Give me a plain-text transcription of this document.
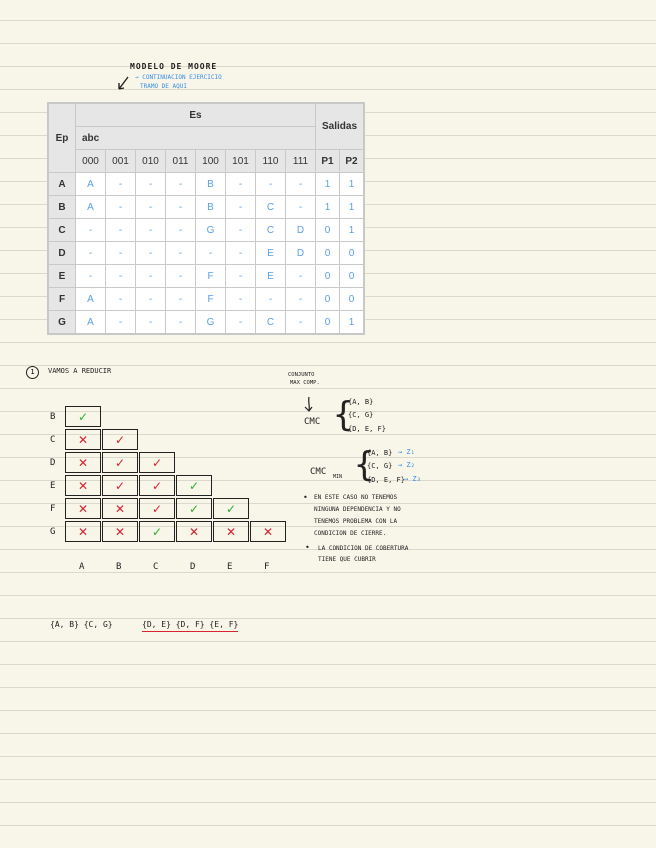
MODELO DE MOORE
→ CONTINUACION EJERCICIO
TRAMO DE AQUI
Ep	Es								Salidas	
	abc									
	000	001	010	011	100	101	110	111	P1	P2
A	A	-	-	-	B	-	-	-	1	1
B	A	-	-	-	B	-	C	-	1	1
C	-	-	-	-	G	-	C	D	0	1
D	-	-	-	-	-	-	E	D	0	0
E	-	-	-	-	F	-	E	-	0	0
F	A	-	-	-	F	-	-	-	0	0
G	A	-	-	-	G	-	C	-	0	1
1	VAMOS A REDUCIR
B	✓
C	✕	✓
D	✕	✓	✓
E	✕	✓	✓	✓
F	✕	✕	✓	✓	✓
G	✕	✕	✓	✕	✕	✕
A	B	C	D	E	F
CONJUNTO
MAX COMP.
CMC {
{A, B}
{C, G}
{D, E, F}
CMC MIN {
{A, B} → Z₁
{C, G} → Z₂
{D, E, F} → Z₃
• EN ESTE CASO NO TENEMOS
NINGUNA DEPENDENCIA Y NO
TENEMOS PROBLEMA CON LA
CONDICION DE CIERRE.
• LA CONDICION DE COBERTURA
TIENE QUE CUBRIR
{A, B} {C, G}	{D, E} {D, F} {E, F}
